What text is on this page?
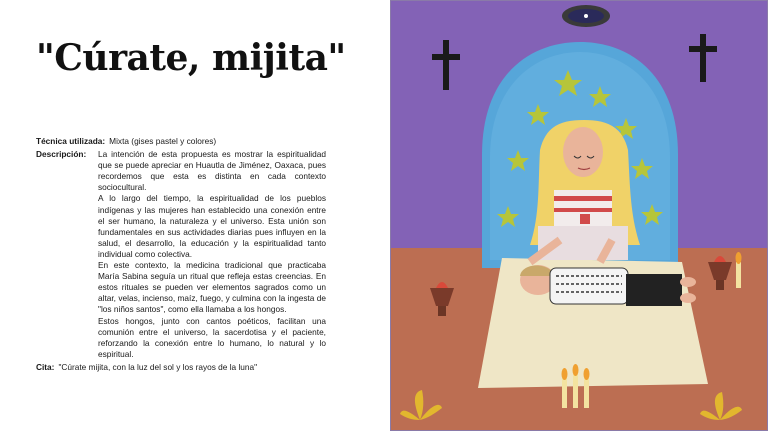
"Cúrate, mijita"
Técnica utilizada: Mixta (gises pastel y colores)
Descripción:	La intención de esta propuesta es mostrar la espiritualidad que se puede apreciar en Huautla de Jiménez, Oaxaca, pues recordemos que esta es distinta en cada contexto sociocultural.

A lo largo del tiempo, la espiritualidad de los pueblos indígenas y las mujeres han establecido una conexión entre el ser humano, la naturaleza y el universo. Esta unión son fundamentales en sus actividades diarias pues influyen en la salud, el desarrollo, la educación y la espiritualidad tanto individual como colectiva.

En este contexto, la medicina tradicional que practicaba María Sabina seguía un ritual que refleja estas creencias. En estos rituales se pueden ver elementos sagrados como un altar, velas, incienso, maíz, fuego, y culmina con la ingesta de "los niños santos", como ella llamaba a los hongos.

Estos hongos, junto con cantos poéticos, facilitan una comunión entre el universo, la sacerdotisa y el paciente, reforzando la conexión entre lo humano, lo natural y lo espiritual.

Cita: "Cúrate mijita, con la luz del sol y los rayos de la luna"
